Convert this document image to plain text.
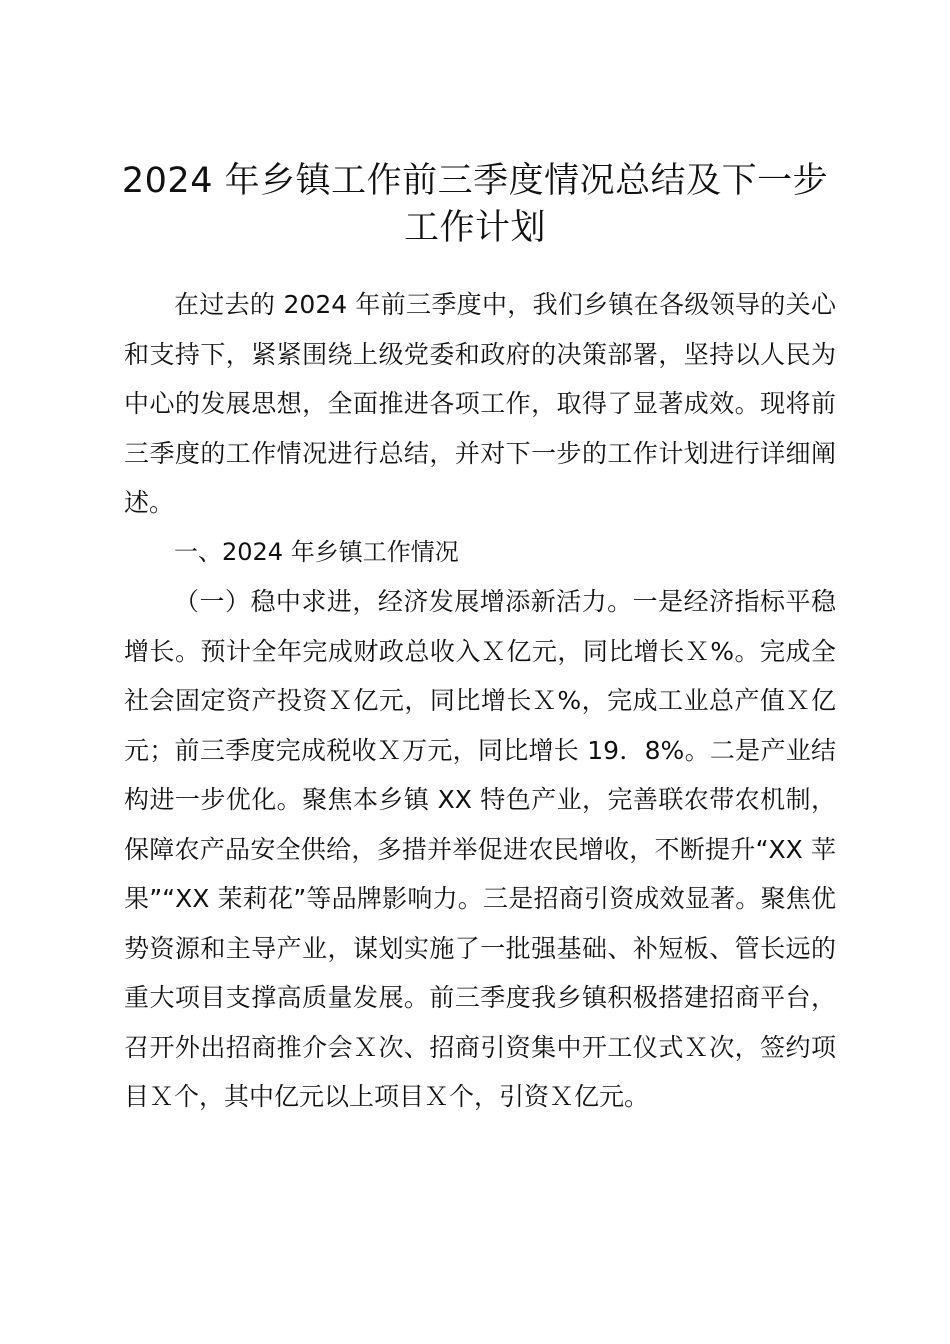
2024 年乡镇工作前三季度情况总结及下一步
工作计划

在过去的 2024 年前三季度中，我们乡镇在各级领导的关心和支持下，紧紧围绕上级党委和政府的决策部署，坚持以人民为中心的发展思想，全面推进各项工作，取得了显著成效。现将前三季度的工作情况进行总结，并对下一步的工作计划进行详细阐述。

一、2024 年乡镇工作情况

（一）稳中求进，经济发展增添新活力。一是经济指标平稳增长。预计全年完成财政总收入Ｘ亿元，同比增长Ｘ%。完成全社会固定资产投资Ｘ亿元，同比增长Ｘ%，完成工业总产值Ｘ亿元；前三季度完成税收Ｘ万元，同比增长 19．8%。二是产业结构进一步优化。聚焦本乡镇 XX 特色产业，完善联农带农机制，保障农产品安全供给，多措并举促进农民增收，不断提升“XX 苹果”“XX 茉莉花”等品牌影响力。三是招商引资成效显著。聚焦优势资源和主导产业，谋划实施了一批强基础、补短板、管长远的重大项目支撑高质量发展。前三季度我乡镇积极搭建招商平台，召开外出招商推介会Ｘ次、招商引资集中开工仪式Ｘ次，签约项目Ｘ个，其中亿元以上项目Ｘ个，引资Ｘ亿元。
